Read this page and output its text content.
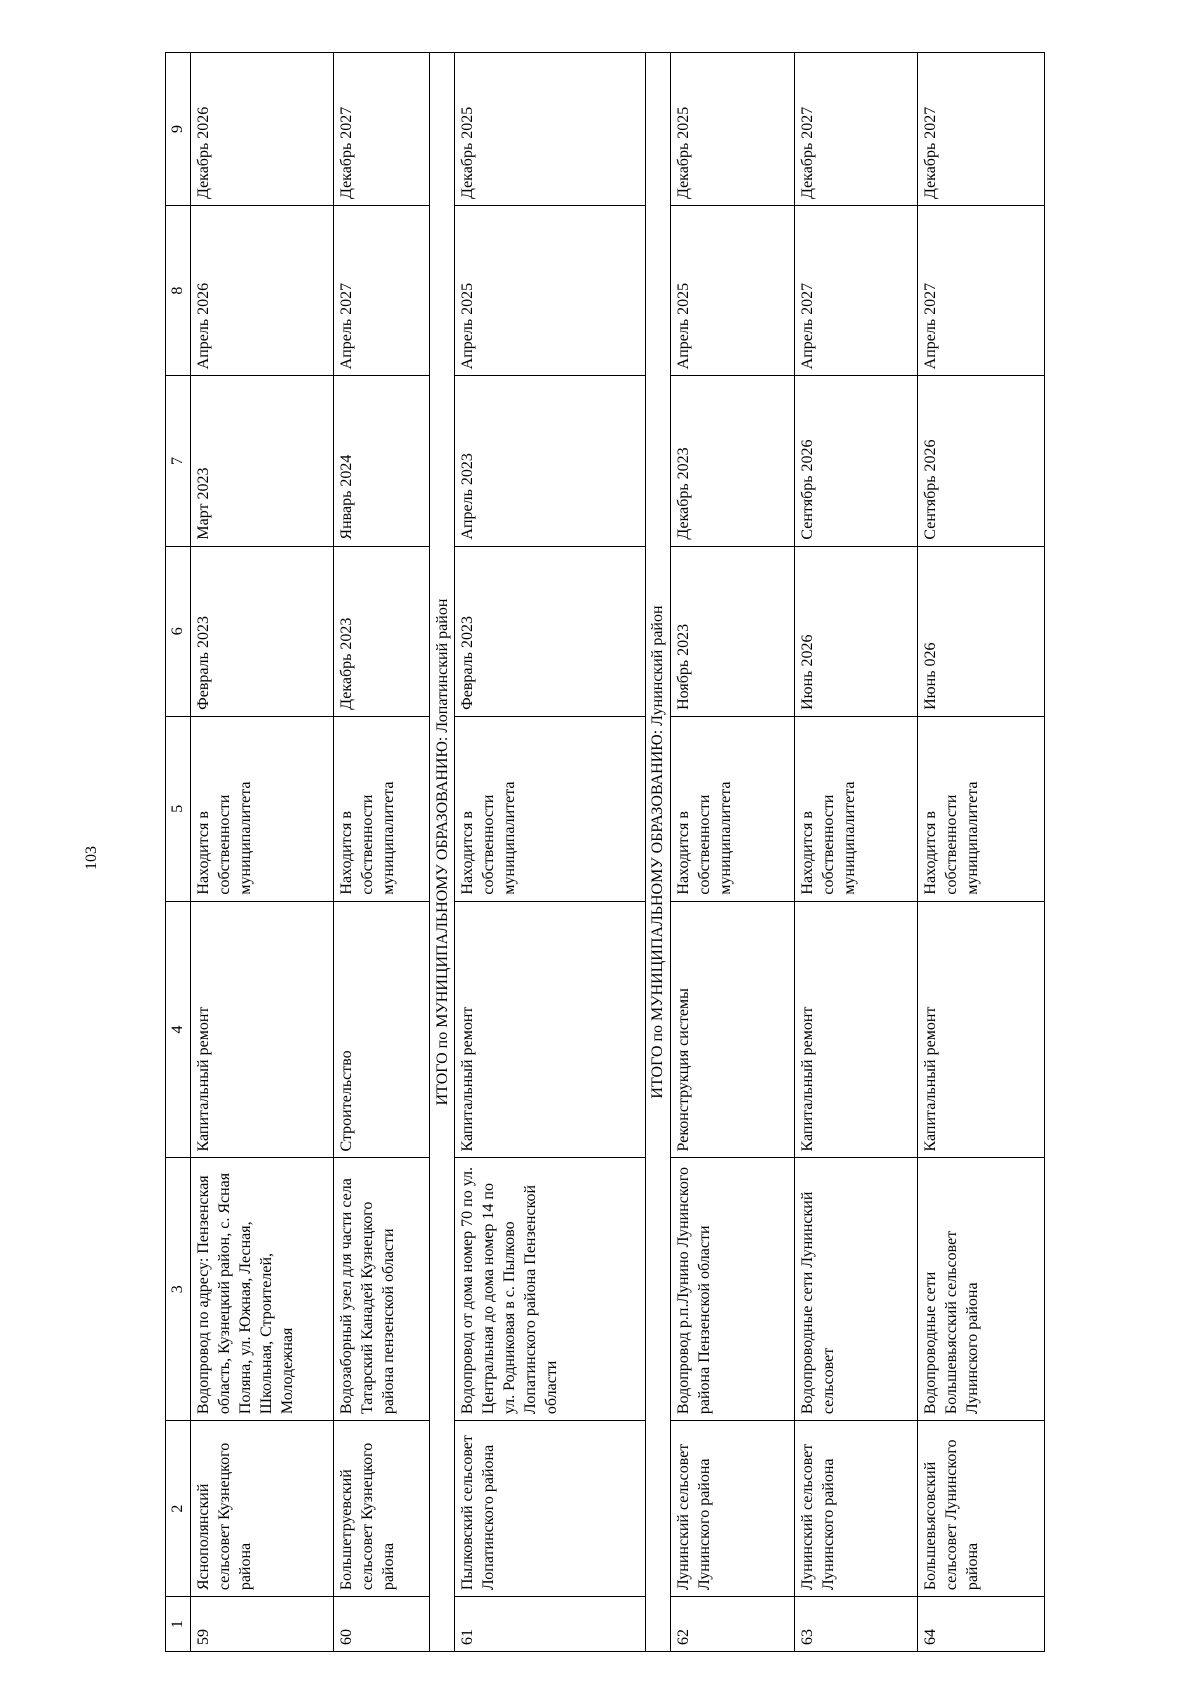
103
1	2	3	4	5	6	7	8	9
59	Яснополянский сельсовет Кузнецкого района	Водопровод по адресу: Пензенская область, Кузнецкий район, с. Ясная Поляна, ул. Южная, Лесная, Школьная, Строителей, Молодежная	Капитальный ремонт	Находится в собственности муниципалитета	Февраль 2023	Март 2023	Апрель 2026	Декабрь 2026
60	Большетруевский сельсовет Кузнецкого района	Водозаборный узел для части села Татарский Канадей Кузнецкого района пензенской области	Строительство	Находится в собственности муниципалитета	Декабрь 2023	Январь 2024	Апрель 2027	Декабрь 2027
ИТОГО по МУНИЦИПАЛЬНОМУ ОБРАЗОВАНИЮ: Лопатинский район								
61	Пылковский сельсовет Лопатинского района	Водопровод от дома номер 70 по ул. Центральная до дома номер 14 по ул. Родниковая в с. Пылково Лопатинского района Пензенской области	Капитальный ремонт	Находится в собственности муниципалитета	Февраль 2023	Апрель 2023	Апрель 2025	Декабрь 2025
ИТОГО по МУНИЦИПАЛЬНОМУ ОБРАЗОВАНИЮ: Лунинский район								
62	Лунинский сельсовет Лунинского района	Водопровод р.п.Лунино Лунинского района Пензенской области	Реконструкция системы	Находится в собственности муниципалитета	Ноябрь 2023	Декабрь 2023	Апрель 2025	Декабрь 2025
63	Лунинский сельсовет Лунинского района	Водопроводные сети Лунинский сельсовет	Капитальный ремонт	Находится в собственности муниципалитета	Июнь 2026	Сентябрь 2026	Апрель 2027	Декабрь 2027
64	Большевьясовский сельсовет Лунинского района	Водопроводные сети Большевьясский сельсовет Лунинского района	Капитальный ремонт	Находится в собственности муниципалитета	Июнь 026	Сентябрь 2026	Апрель 2027	Декабрь 2027
